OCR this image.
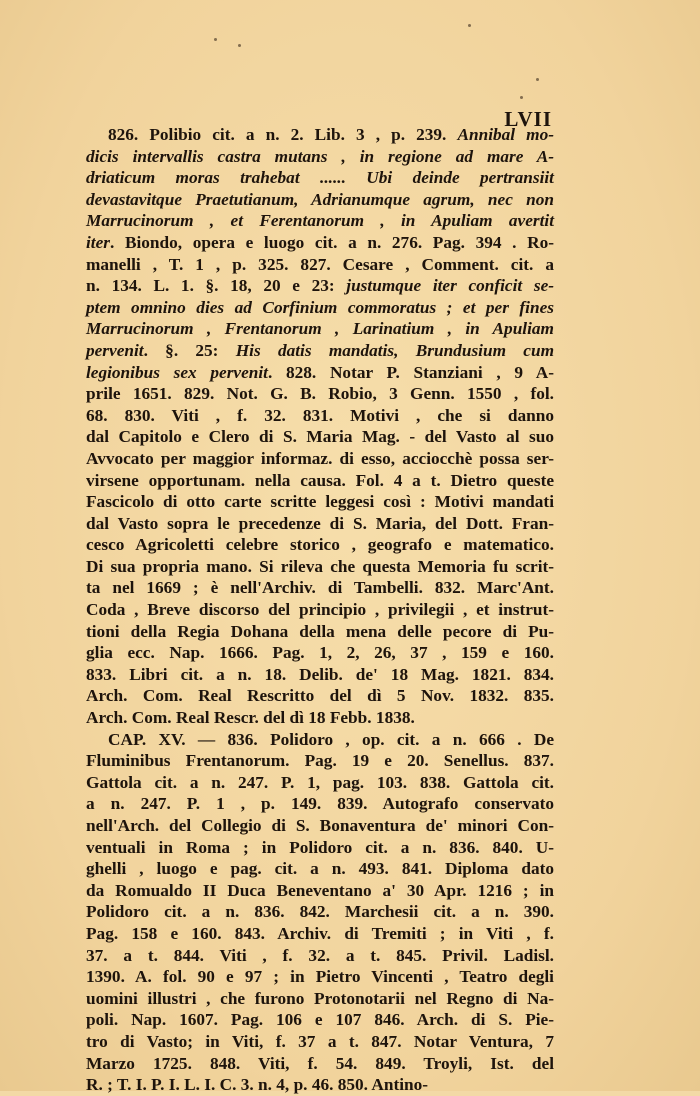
LVII
826. Polibio cit. a n. 2. Lib. 3 , p. 239. Annibal mo-
dicis intervallis castra mutans , in regione ad mare A-
driaticum moras trahebat ...... Ubi deinde pertransiit
devastavitque Praetutianum, Adrianumque agrum, nec non
Marrucinorum , et Ferentanorum , in Apuliam avertit
iter. Biondo, opera e luogo cit. a n. 276. Pag. 394 . Ro-
manelli , T. 1 , p. 325. 827. Cesare , Comment. cit. a
n. 134. L. 1. §. 18, 20 e 23: justumque iter conficit se-
ptem omnino dies ad Corfinium commoratus ; et per fines
Marrucinorum , Frentanorum , Larinatium , in Apuliam
pervenit. §. 25: His datis mandatis, Brundusium cum
legionibus sex pervenit. 828. Notar P. Stanziani , 9 A-
prile 1651. 829. Not. G. B. Robio, 3 Genn. 1550 , fol.
68. 830. Viti , f. 32. 831. Motivi , che si danno
dal Capitolo e Clero di S. Maria Mag. - del Vasto al suo
Avvocato per maggior informaz. di esso, acciocchè possa ser-
virsene opportunam. nella causa. Fol. 4 a t. Dietro queste
Fascicolo di otto carte scritte leggesi così : Motivi mandati
dal Vasto sopra le precedenze di S. Maria, del Dott. Fran-
cesco Agricoletti celebre storico , geografo e matematico.
Di sua propria mano. Si rileva che questa Memoria fu scrit-
ta nel 1669 ; è nell'Archiv. di Tambelli. 832. Marc'Ant.
Coda , Breve discorso del principio , privilegii , et instrut-
tioni della Regia Dohana della mena delle pecore di Pu-
glia ecc. Nap. 1666. Pag. 1, 2, 26, 37 , 159 e 160.
833. Libri cit. a n. 18. Delib. de' 18 Mag. 1821. 834.
Arch. Com. Real Rescritto del dì 5 Nov. 1832. 835.
Arch. Com. Real Rescr. del dì 18 Febb. 1838.
CAP. XV. — 836. Polidoro , op. cit. a n. 666 . De
Fluminibus Frentanorum. Pag. 19 e 20. Senellus. 837.
Gattola cit. a n. 247. P. 1, pag. 103. 838. Gattola cit.
a n. 247. P. 1 , p. 149. 839. Autografo conservato
nell'Arch. del Collegio di S. Bonaventura de' minori Con-
ventuali in Roma ; in Polidoro cit. a n. 836. 840. U-
ghelli , luogo e pag. cit. a n. 493. 841. Diploma dato
da Romualdo II Duca Beneventano a' 30 Apr. 1216 ; in
Polidoro cit. a n. 836. 842. Marchesii cit. a n. 390.
Pag. 158 e 160. 843. Archiv. di Tremiti ; in Viti , f.
37. a t. 844. Viti , f. 32. a t. 845. Privil. Ladisl.
1390. A. fol. 90 e 97 ; in Pietro Vincenti , Teatro degli
uomini illustri , che furono Protonotarii nel Regno di Na-
poli. Nap. 1607. Pag. 106 e 107 846. Arch. di S. Pie-
tro di Vasto; in Viti, f. 37 a t. 847. Notar Ventura, 7
Marzo 1725. 848. Viti, f. 54. 849. Troyli, Ist. del
R. ; T. I. P. I. L. I. C. 3. n. 4, p. 46. 850. Antino-
